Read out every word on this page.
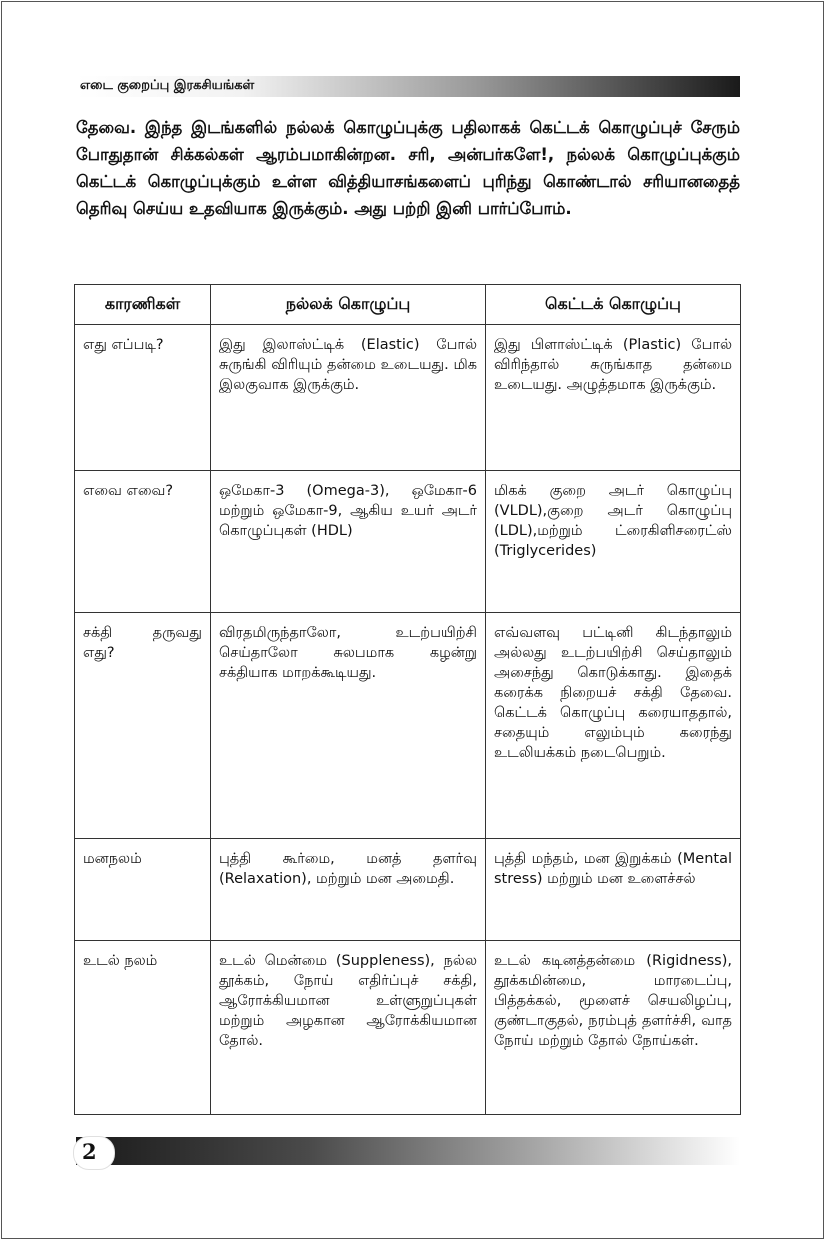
எடை குறைப்பு இரகசியங்கள்

தேவை. இந்த இடங்களில் நல்லக் கொழுப்புக்கு பதிலாகக் கெட்டக் கொழுப்புச் சேரும் போதுதான் சிக்கல்கள் ஆரம்பமாகின்றன. சரி, அன்பர்களே!, நல்லக் கொழுப்புக்கும் கெட்டக் கொழுப்புக்கும் உள்ள வித்தியாசங்களைப் புரிந்து கொண்டால் சரியானதைத் தெரிவு செய்ய உதவியாக இருக்கும். அது பற்றி இனி பார்ப்போம்.

காரணிகள்	நல்லக் கொழுப்பு	கெட்டக் கொழுப்பு
எது எப்படி?	இது இலாஸ்ட்டிக் (Elastic) போல் சுருங்கி விரியும் தன்மை உடையது. மிக இலகுவாக இருக்கும்.	இது பிளாஸ்ட்டிக் (Plastic) போல் விரிந்தால் சுருங்காத தன்மை உடையது. அழுத்தமாக இருக்கும்.
எவை எவை?	ஒமேகா-3 (Omega-3), ஒமேகா-6 மற்றும் ஒமேகா-9, ஆகிய உயர் அடர் கொழுப்புகள் (HDL)	மிகக் குறை அடர் கொழுப்பு (VLDL),குறை அடர் கொழுப்பு (LDL),மற்றும் ட்ரைகிளிசரைட்ஸ் (Triglycerides)
சக்தி தருவது எது?	விரதமிருந்தாலோ, உடற்பயிற்சி செய்தாலோ சுலபமாக கழன்று சக்தியாக மாறக்கூடியது.	எவ்வளவு பட்டினி கிடந்தாலும் அல்லது உடற்பயிற்சி செய்தாலும் அசைந்து கொடுக்காது. இதைக் கரைக்க நிறையச் சக்தி தேவை. கெட்டக் கொழுப்பு கரையாததால், சதையும் எலும்பும் கரைந்து உடலியக்கம் நடைபெறும்.
மனநலம்	புத்தி கூர்மை, மனத் தளர்வு (Relaxation), மற்றும் மன அமைதி.	புத்தி மந்தம், மன இறுக்கம் (Mental stress) மற்றும் மன உளைச்சல்
உடல் நலம்	உடல் மென்மை (Suppleness), நல்ல தூக்கம், நோய் எதிர்ப்புச் சக்தி, ஆரோக்கியமான உள்ளுறுப்புகள் மற்றும் அழகான ஆரோக்கியமான தோல்.	உடல் கடினத்தன்மை (Rigidness), தூக்கமின்மை, மாரடைப்பு, பித்தக்கல், மூளைச் செயலிழப்பு, குண்டாகுதல், நரம்புத் தளர்ச்சி, வாத நோய் மற்றும் தோல் நோய்கள்.
2
